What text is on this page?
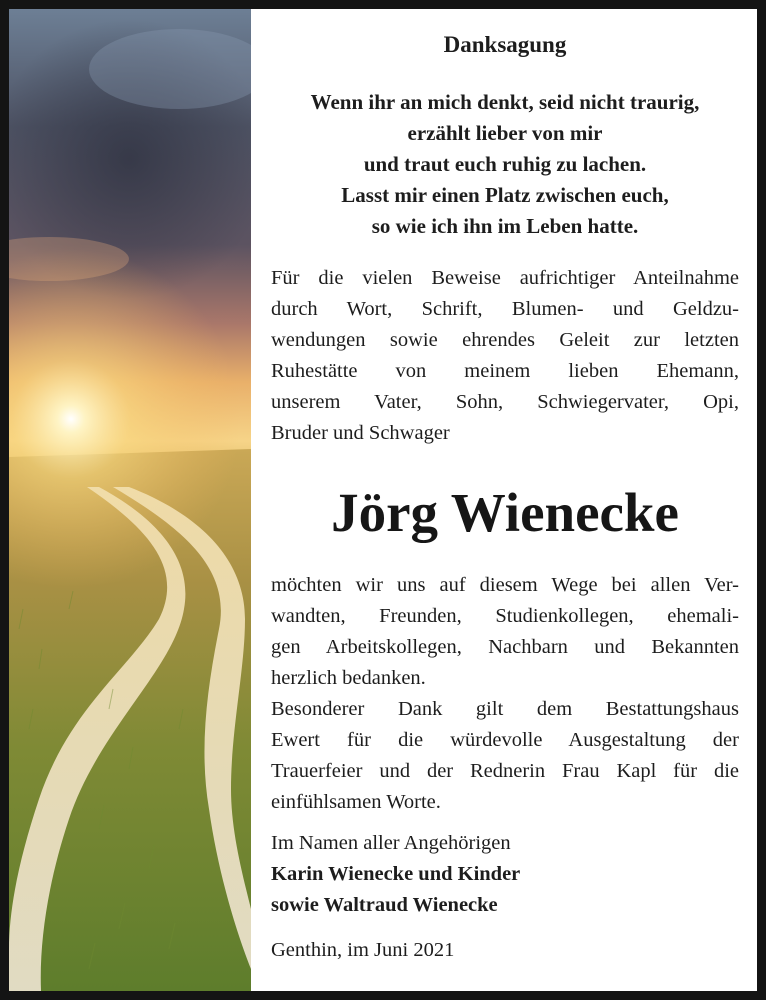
Danksagung
Wenn ihr an mich denkt, seid nicht traurig,
erzählt lieber von mir
und traut euch ruhig zu lachen.
Lasst mir einen Platz zwischen euch,
so wie ich ihn im Leben hatte.
Für die vielen Beweise aufrichtiger Anteilnahme
durch Wort, Schrift, Blumen- und Geldzu-
wendungen sowie ehrendes Geleit zur letzten
Ruhestätte von meinem lieben Ehemann,
unserem Vater, Sohn, Schwiegervater, Opi,
Bruder und Schwager
Jörg Wienecke
möchten wir uns auf diesem Wege bei allen Ver-
wandten, Freunden, Studienkollegen, ehemali-
gen Arbeitskollegen, Nachbarn und Bekannten
herzlich bedanken.
Besonderer Dank gilt dem Bestattungshaus
Ewert für die würdevolle Ausgestaltung der
Trauerfeier und der Rednerin Frau Kapl für die
einfühlsamen Worte.
Im Namen aller Angehörigen
Karin Wienecke und Kinder
sowie Waltraud Wienecke
Genthin, im Juni 2021
